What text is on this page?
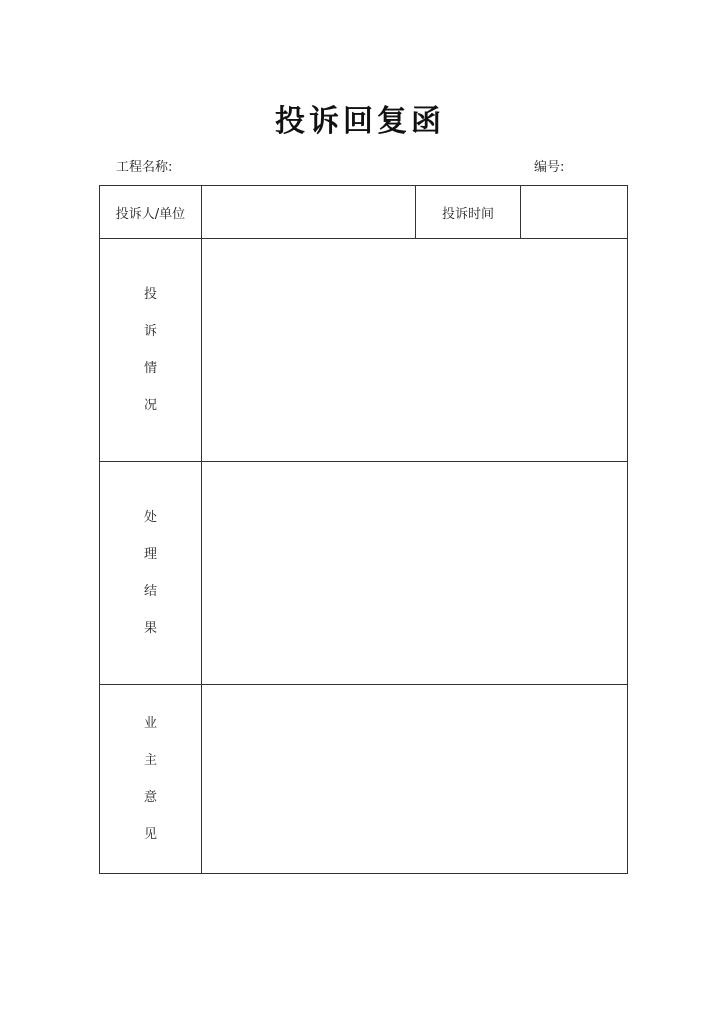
投诉回复函
工程名称:	编号:
投诉人/单位		投诉时间	

投
诉
情
况			

处
理
结
果			

业
主
意
见			
